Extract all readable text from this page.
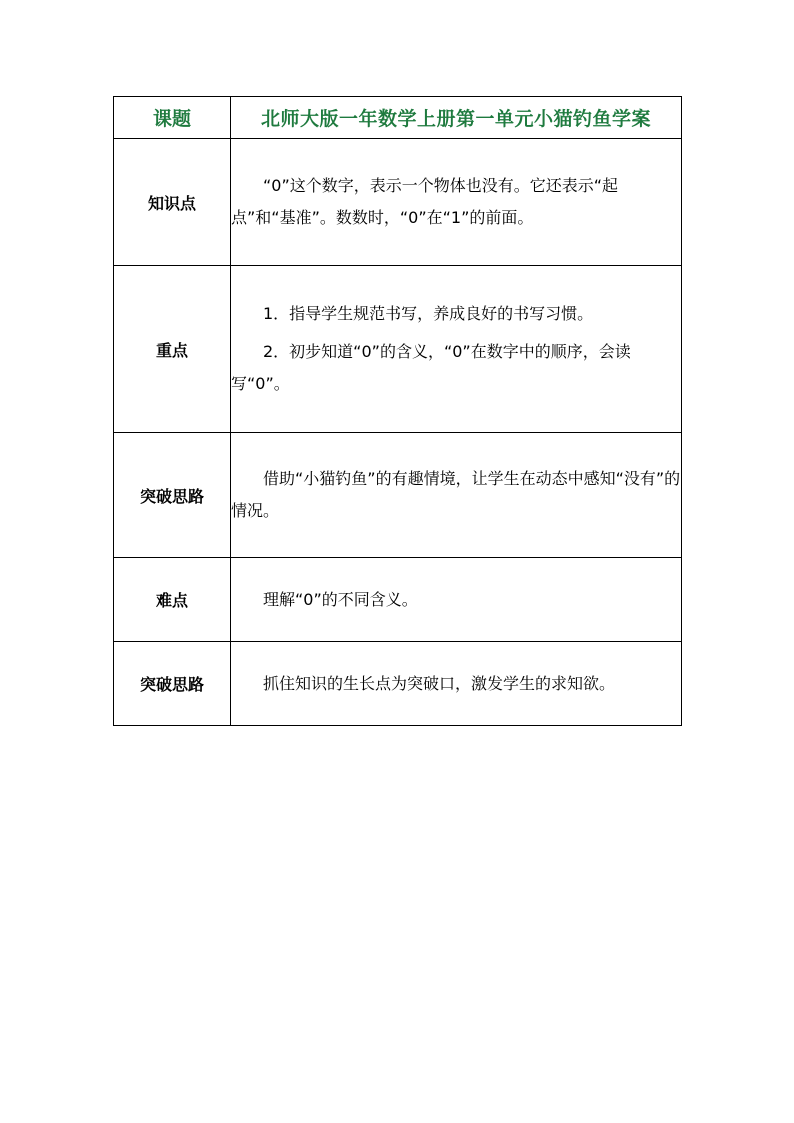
课题	北师大版一年数学上册第一单元小猫钓鱼学案
知识点	“0”这个数字，表示一个物体也没有。它还表示“起点”和“基准”。数数时，“0”在“1”的前面。

重点	1．指导学生规范书写，养成良好的书写习惯。

2．初步知道“0”的含义，“0”在数字中的顺序，会读写“0”。

突破思路	借助“小猫钓鱼”的有趣情境，让学生在动态中感知“没有”的情况。

难点	理解“0”的不同含义。

突破思路	抓住知识的生长点为突破口，激发学生的求知欲。
